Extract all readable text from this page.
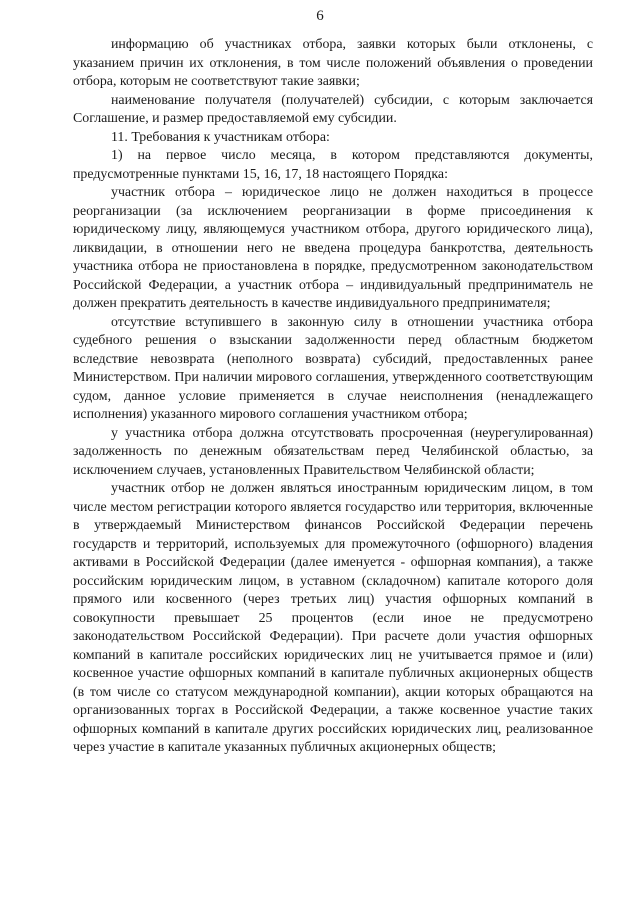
6

информацию об участниках отбора, заявки которых были отклонены, с указанием причин их отклонения, в том числе положений объявления о проведении отбора, которым не соответствуют такие заявки;

наименование получателя (получателей) субсидии, с которым заключается Соглашение, и размер предоставляемой ему субсидии.

11. Требования к участникам отбора:

1) на первое число месяца, в котором представляются документы, предусмотренные пунктами 15, 16, 17, 18 настоящего Порядка:

участник отбора – юридическое лицо не должен находиться в процессе реорганизации (за исключением реорганизации в форме присоединения к юридическому лицу, являющемуся участником отбора, другого юридического лица), ликвидации, в отношении него не введена процедура банкротства, деятельность участника отбора не приостановлена в порядке, предусмотренном законодательством Российской Федерации, а участник отбора – индивидуальный предприниматель не должен прекратить деятельность в качестве индивидуального предпринимателя;

отсутствие вступившего в законную силу в отношении участника отбора судебного решения о взыскании задолженности перед областным бюджетом вследствие невозврата (неполного возврата) субсидий, предоставленных ранее Министерством. При наличии мирового соглашения, утвержденного соответствующим судом, данное условие применяется в случае неисполнения (ненадлежащего исполнения) указанного мирового соглашения участником отбора;

у участника отбора должна отсутствовать просроченная (неурегулированная) задолженность по денежным обязательствам перед Челябинской областью, за исключением случаев, установленных Правительством Челябинской области;

участник отбор не должен являться иностранным юридическим лицом, в том числе местом регистрации которого является государство или территория, включенные в утверждаемый Министерством финансов Российской Федерации перечень государств и территорий, используемых для промежуточного (офшорного) владения активами в Российской Федерации (далее именуется - офшорная компания), а также российским юридическим лицом, в уставном (складочном) капитале которого доля прямого или косвенного (через третьих лиц) участия офшорных компаний в совокупности превышает 25 процентов (если иное не предусмотрено законодательством Российской Федерации). При расчете доли участия офшорных компаний в капитале российских юридических лиц не учитывается прямое и (или) косвенное участие офшорных компаний в капитале публичных акционерных обществ (в том числе со статусом международной компании), акции которых обращаются на организованных торгах в Российской Федерации, а также косвенное участие таких офшорных компаний в капитале других российских юридических лиц, реализованное через участие в капитале указанных публичных акционерных обществ;
